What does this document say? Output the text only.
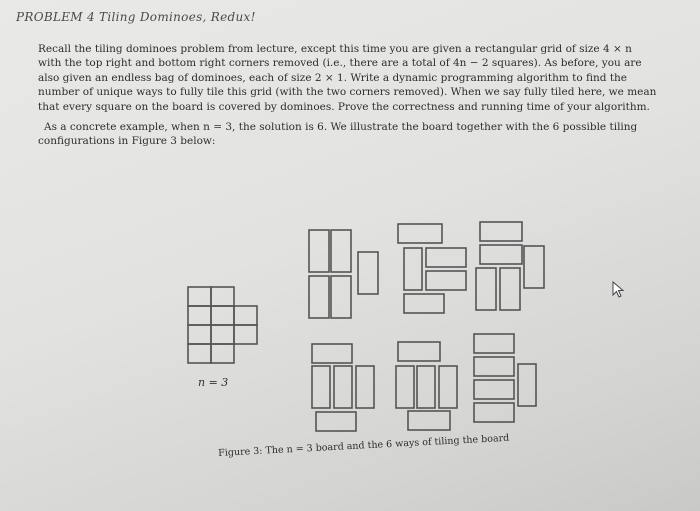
PROBLEM 4 Tiling Dominoes, Redux!

Recall the tiling dominoes problem from lecture, except this time you are given a rectangular grid of size 4 × n with the top right and bottom right corners removed (i.e., there are a total of 4n − 2 squares). As before, you are also given an endless bag of dominoes, each of size 2 × 1. Write a dynamic programming algorithm to find the number of unique ways to fully tile this grid (with the two corners removed). When we say fully tiled here, we mean that every square on the board is covered by dominoes. Prove the correctness and running time of your algorithm.

As a concrete example, when n = 3, the solution is 6. We illustrate the board together with the 6 possible tiling configurations in Figure 3 below:

n = 3
Figure 3: The n = 3 board and the 6 ways of tiling the board
